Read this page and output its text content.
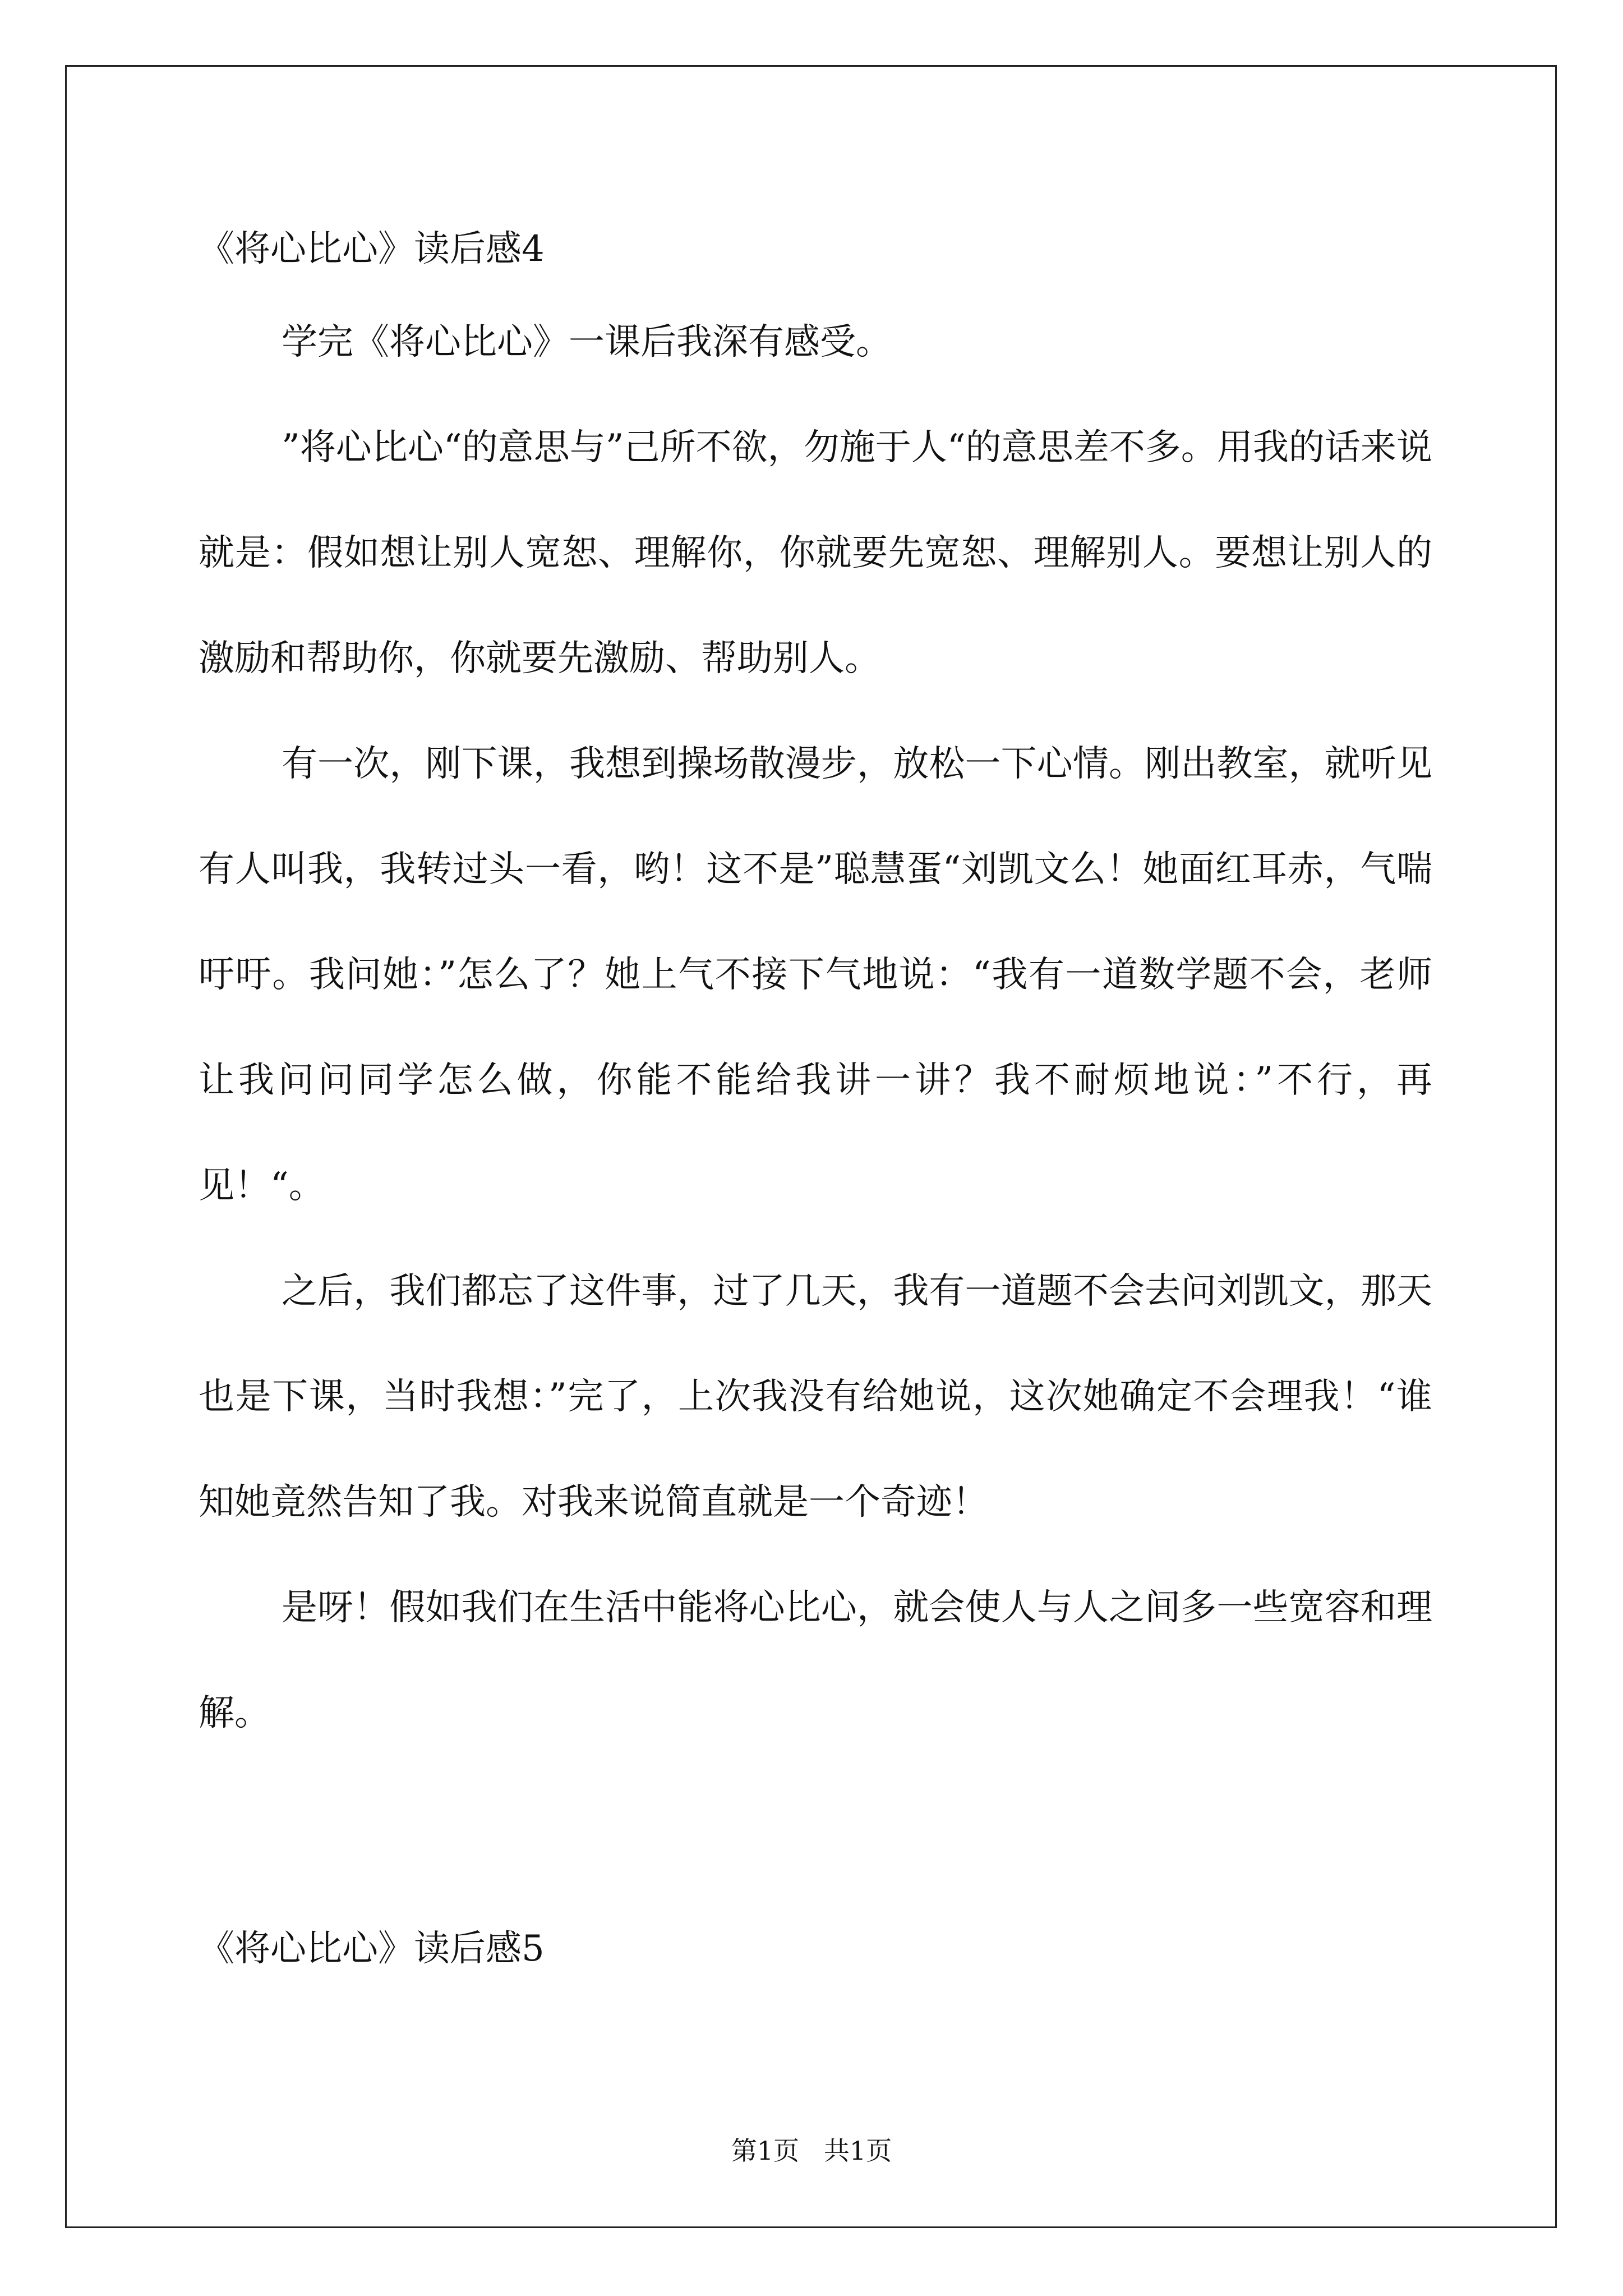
《将心比心》读后感4

学完《将心比心》一课后我深有感受。

”将心比心“的意思与”己所不欲，勿施于人“的意思差不多。用我的话来说就是：假如想让别人宽恕、理解你，你就要先宽恕、理解别人。要想让别人的激励和帮助你，你就要先激励、帮助别人。

有一次，刚下课，我想到操场散漫步，放松一下心情。刚出教室，就听见有人叫我，我转过头一看，哟！这不是”聪慧蛋“刘凯文么！她面红耳赤，气喘吁吁。我问她：”怎么了？她上气不接下气地说：“我有一道数学题不会，老师让我问问同学怎么做，你能不能给我讲一讲？我不耐烦地说：”不行，再见！“。

之后，我们都忘了这件事，过了几天，我有一道题不会去问刘凯文，那天也是下课，当时我想：”完了，上次我没有给她说，这次她确定不会理我！“谁知她竟然告知了我。对我来说简直就是一个奇迹！

是呀！假如我们在生活中能将心比心，就会使人与人之间多一些宽容和理解。

《将心比心》读后感5
第1页   共1页
